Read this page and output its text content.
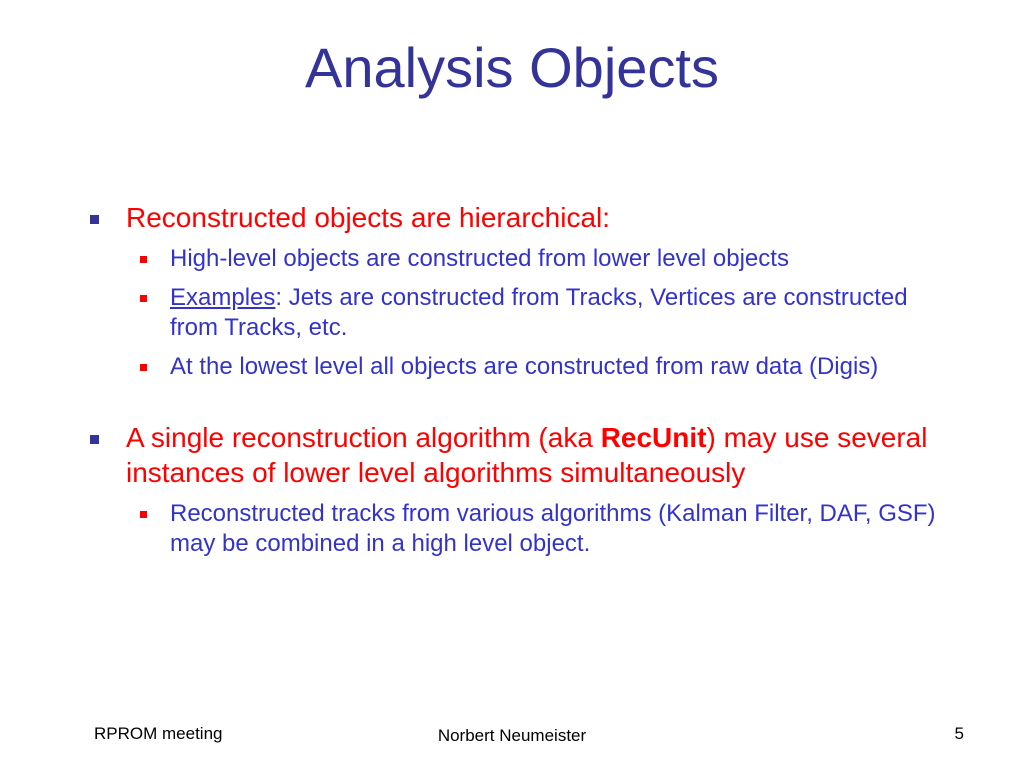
Analysis Objects
Reconstructed objects are hierarchical:
High-level objects are constructed from lower level objects
Examples: Jets are constructed from Tracks, Vertices are constructed from Tracks, etc.
At the lowest level all objects are constructed from raw data (Digis)
A single reconstruction algorithm (aka RecUnit) may use several instances of lower level algorithms simultaneously
Reconstructed tracks from various algorithms (Kalman Filter, DAF, GSF) may be combined in a high level object.
RPROM meeting	Norbert Neumeister	5
